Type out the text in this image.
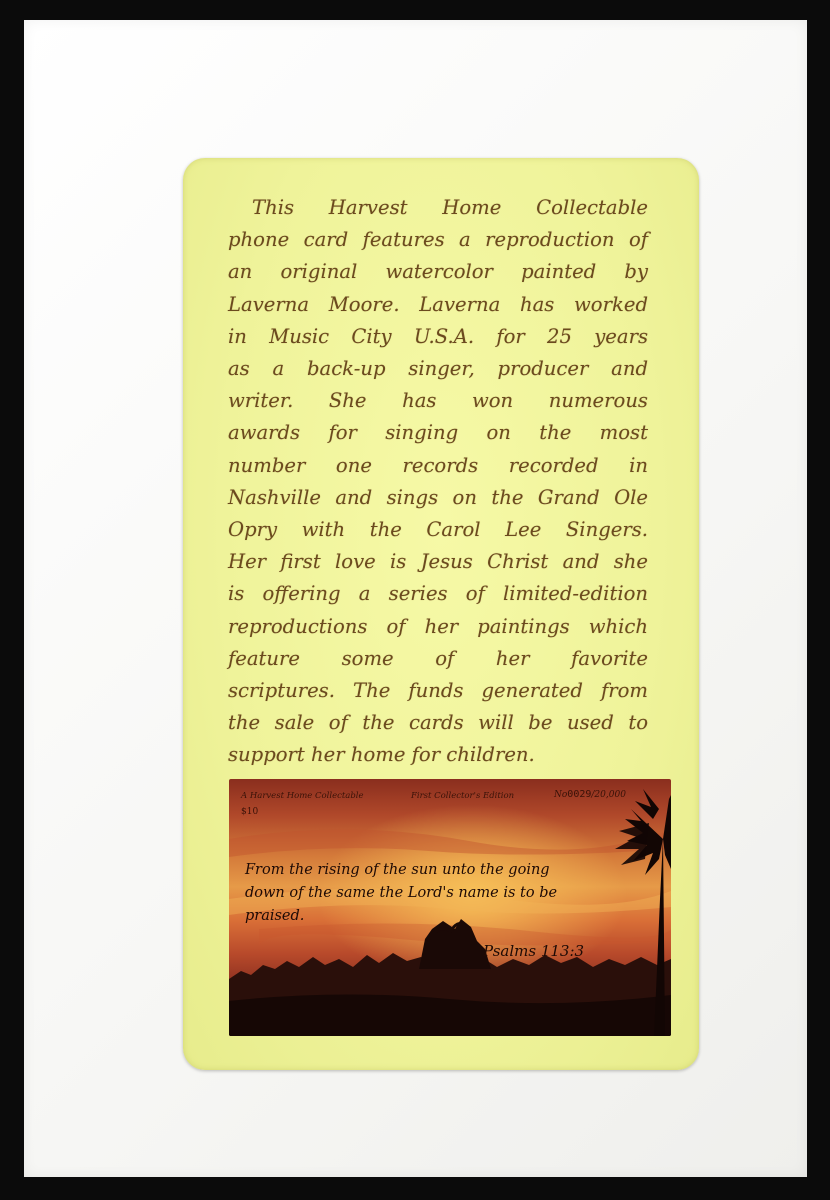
This Harvest Home Collectable
phone card features a reproduction of
an original watercolor painted by
Laverna Moore. Laverna has worked
in Music City U.S.A. for 25 years
as a back-up singer, producer and
writer. She has won numerous
awards for singing on the most
number one records recorded in
Nashville and sings on the Grand Ole
Opry with the Carol Lee Singers.
Her first love is Jesus Christ and she
is offering a series of limited-edition
reproductions of her paintings which
feature some of her favorite
scriptures. The funds generated from
the sale of the cards will be used to
support her home for children.
A Harvest Home Collectable	First Collector's Edition	No0029/20,000
$10
From the rising of the sun unto the going
down of the same the Lord's name is to be
praised.
Psalms 113:3
